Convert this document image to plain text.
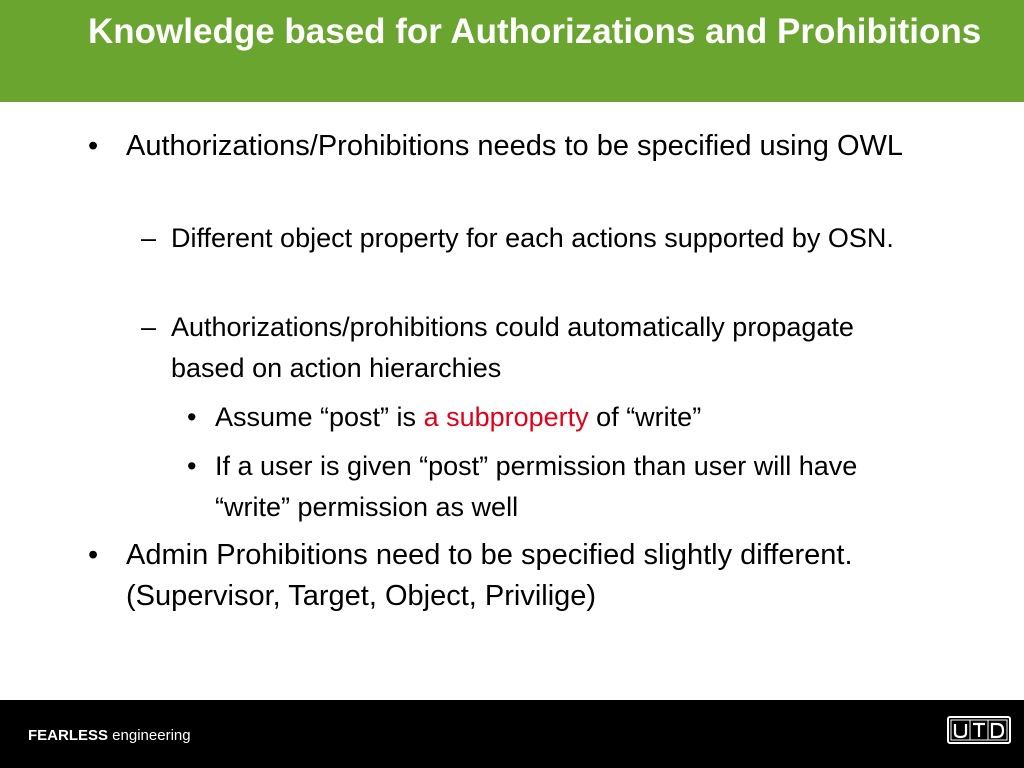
Knowledge based for Authorizations and Prohibitions
• Authorizations/Prohibitions needs to be specified using OWL
– Different object property for each actions supported by OSN.
– Authorizations/prohibitions could automatically propagate based on action hierarchies
• Assume “post” is a subproperty of “write”
• If a user is given “post” permission than user will have “write” permission as well
• Admin Prohibitions need to be specified slightly different. (Supervisor, Target, Object, Privilige)
FEARLESS engineering
